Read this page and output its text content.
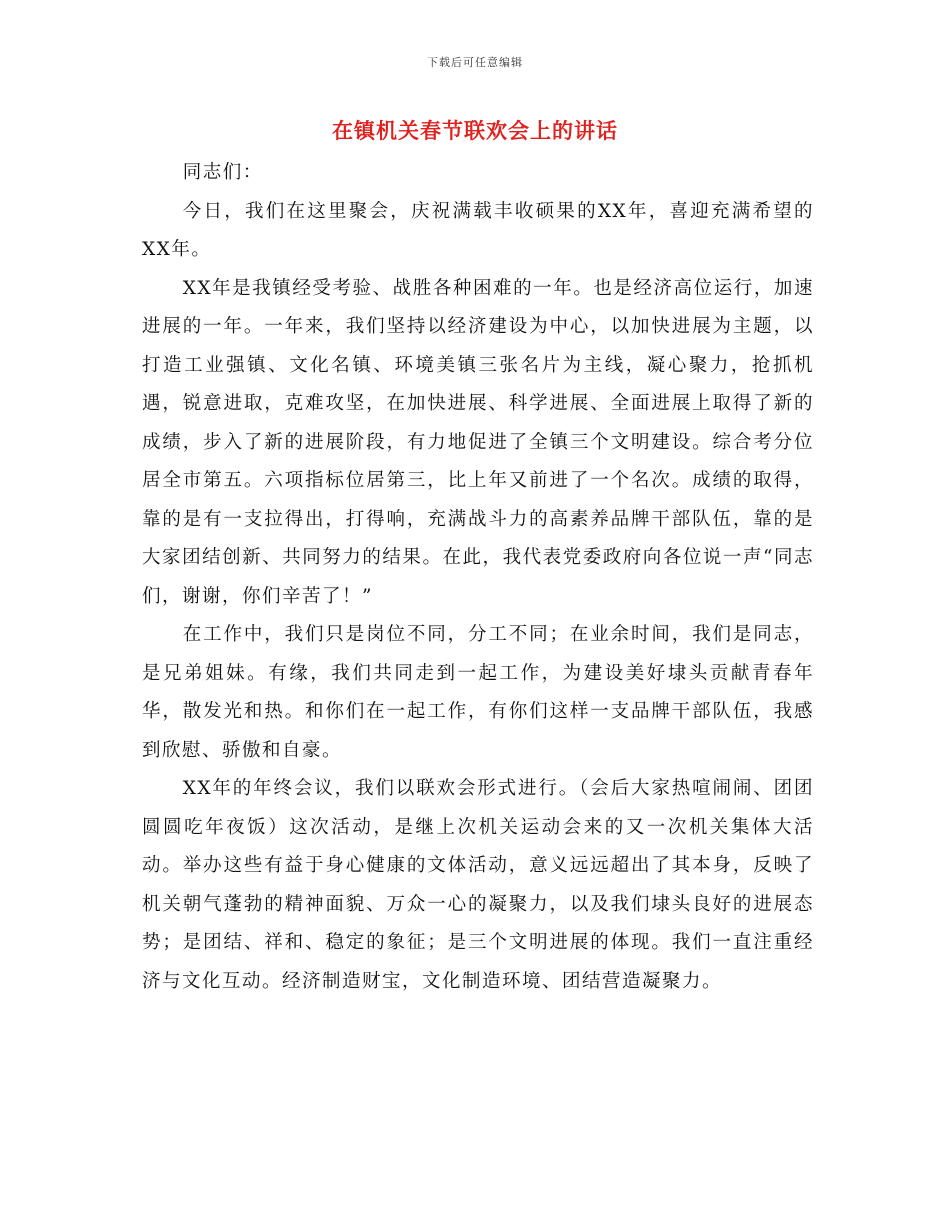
下载后可任意编辑
在镇机关春节联欢会上的讲话

同志们：

今日，我们在这里聚会，庆祝满载丰收硕果的XX年，喜迎充满希望的XX年。

XX年是我镇经受考验、战胜各种困难的一年。也是经济高位运行，加速进展的一年。一年来，我们坚持以经济建设为中心，以加快进展为主题，以打造工业强镇、文化名镇、环境美镇三张名片为主线，凝心聚力，抢抓机遇，锐意进取，克难攻坚，在加快进展、科学进展、全面进展上取得了新的成绩，步入了新的进展阶段，有力地促进了全镇三个文明建设。综合考分位居全市第五。六项指标位居第三，比上年又前进了一个名次。成绩的取得，靠的是有一支拉得出，打得响，充满战斗力的高素养品牌干部队伍，靠的是大家团结创新、共同努力的结果。在此，我代表党委政府向各位说一声“同志们，谢谢，你们辛苦了！”

在工作中，我们只是岗位不同，分工不同；在业余时间，我们是同志，是兄弟姐妹。有缘，我们共同走到一起工作，为建设美好埭头贡献青春年华，散发光和热。和你们在一起工作，有你们这样一支品牌干部队伍，我感到欣慰、骄傲和自豪。

XX年的年终会议，我们以联欢会形式进行。（会后大家热喧闹闹、团团圆圆吃年夜饭）这次活动，是继上次机关运动会来的又一次机关集体大活动。举办这些有益于身心健康的文体活动，意义远远超出了其本身，反映了机关朝气蓬勃的精神面貌、万众一心的凝聚力，以及我们埭头良好的进展态势；是团结、祥和、稳定的象征；是三个文明进展的体现。我们一直注重经济与文化互动。经济制造财宝，文化制造环境、团结营造凝聚力。
